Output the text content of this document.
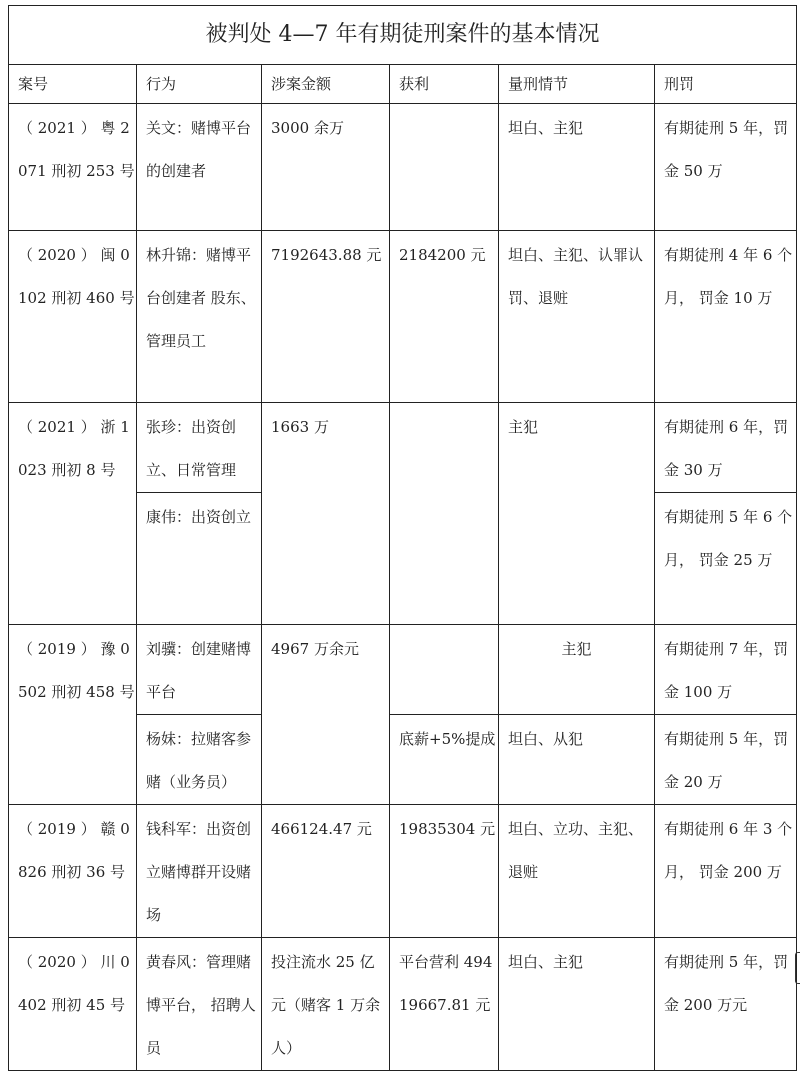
被判处 4—7 年有期徒刑案件的基本情况					
案号	行为	涉案金额	获利	量刑情节	刑罚
（ 2021 ） 粤 2071 刑初 253 号	关文：赌博平台的创建者	3000 余万		坦白、主犯	有期徒刑 5 年，罚金 50 万
（ 2020 ） 闽 0102 刑初 460 号	林升锦：赌博平台创建者 股东、管理员工	7192643.88 元	2184200 元	坦白、主犯、认罪认罚、退赃	有期徒刑 4 年 6 个月， 罚金 10 万
（ 2021 ） 浙 1023 刑初 8 号	张珍：出资创立、日常管理	1663 万		主犯	有期徒刑 6 年，罚金 30 万
	康伟：出资创立				有期徒刑 5 年 6 个月， 罚金 25 万
（ 2019 ） 豫 0502 刑初 458 号	刘骥：创建赌博平台	4967 万余元		主犯	有期徒刑 7 年，罚金 100 万
	杨妹：拉赌客参赌（业务员）		底薪+5%提成	坦白、从犯	有期徒刑 5 年，罚金 20 万
（ 2019 ） 赣 0826 刑初 36 号	钱科军：出资创立赌博群开设赌场	466124.47 元	19835304 元	坦白、立功、主犯、退赃	有期徒刑 6 年 3 个月， 罚金 200 万
（ 2020 ） 川 0402 刑初 45 号	黄春风：管理赌博平台， 招聘人员	投注流水 25 亿元（赌客 1 万余人）	平台营利 49419667.81 元	坦白、主犯	有期徒刑 5 年，罚金 200 万元
